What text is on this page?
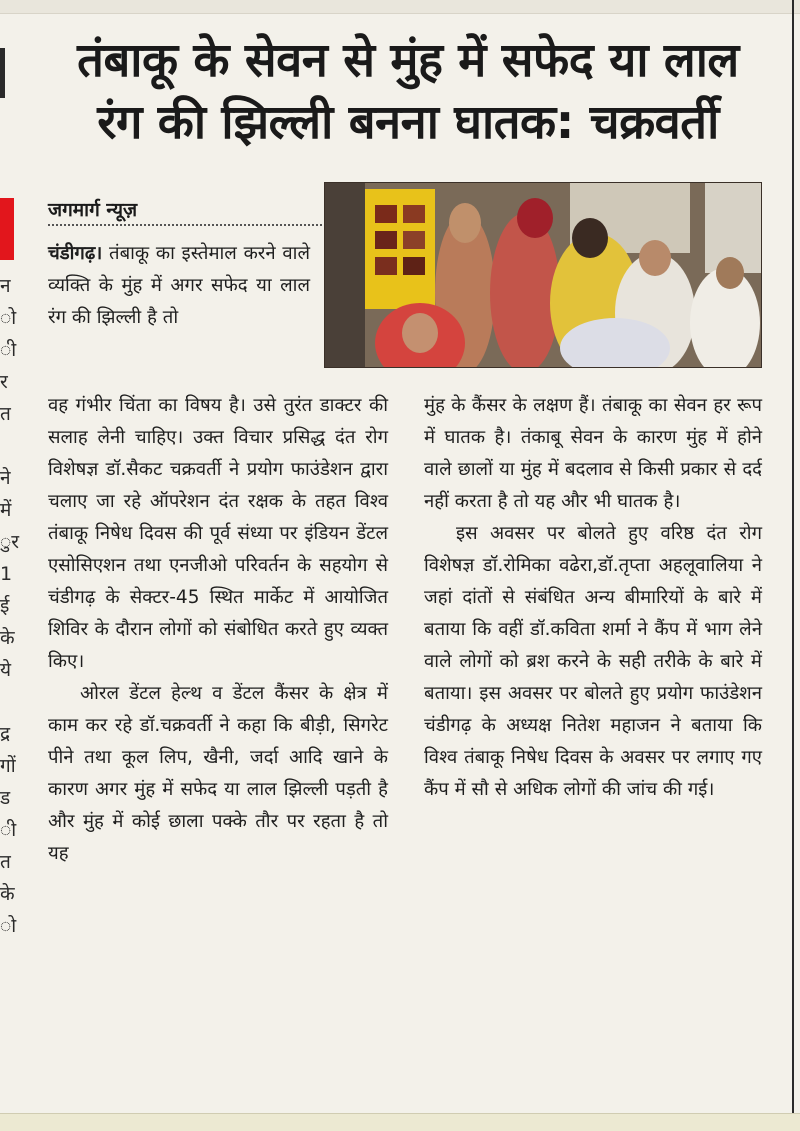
न
ो
ी
र
त
ने
में
ुर
1
ई
के
ये
द्र
गों
ड
ी
त
के
ो
तंबाकू के सेवन से मुंह में सफेद या लाल रंग की झिल्ली बनना घातक: चक्रवर्ती
जगमार्ग न्यूज़

चंडीगढ़। तंबाकू का इस्तेमाल करने वाले व्यक्ति के मुंह में अगर सफेद या लाल रंग की झिल्ली है तो

वह गंभीर चिंता का विषय है। उसे तुरंत डाक्टर की सलाह लेनी चाहिए। उक्त विचार प्रसिद्ध दंत रोग विशेषज्ञ डॉ.सैकट चक्रवर्ती ने प्रयोग फाउंडेशन द्वारा चलाए जा रहे ऑपरेशन दंत रक्षक के तहत विश्व तंबाकू निषेध दिवस की पूर्व संध्या पर इंडियन डेंटल एसोसिएशन तथा एनजीओ परिवर्तन के सहयोग से चंडीगढ़ के सेक्टर-45 स्थित मार्केट में आयोजित शिविर के दौरान लोगों को संबोधित करते हुए व्यक्त किए।

ओरल डेंटल हेल्थ व डेंटल कैंसर के क्षेत्र में काम कर रहे डॉ.चक्रवर्ती ने कहा कि बीड़ी, सिगरेट पीने तथा कूल लिप, खैनी, जर्दा आदि खाने के कारण अगर मुंह में सफेद या लाल झिल्ली पड़ती है और मुंह में कोई छाला पक्के तौर पर रहता है तो यह

मुंह के कैंसर के लक्षण हैं। तंबाकू का सेवन हर रूप में घातक है। तंकाबू सेवन के कारण मुंह में होने वाले छालों या मुंह में बदलाव से किसी प्रकार से दर्द नहीं करता है तो यह और भी घातक है।

इस अवसर पर बोलते हुए वरिष्ठ दंत रोग विशेषज्ञ डॉ.रोमिका वढेरा,डॉ.तृप्ता अहलूवालिया ने जहां दांतों से संबंधित अन्य बीमारियों के बारे में बताया कि वहीं डॉ.कविता शर्मा ने कैंप में भाग लेने वाले लोगों को ब्रश करने के सही तरीके के बारे में बताया। इस अवसर पर बोलते हुए प्रयोग फाउंडेशन चंडीगढ़ के अध्यक्ष नितेश महाजन ने बताया कि विश्व तंबाकू निषेध दिवस के अवसर पर लगाए गए कैंप में सौ से अधिक लोगों की जांच की गई।
